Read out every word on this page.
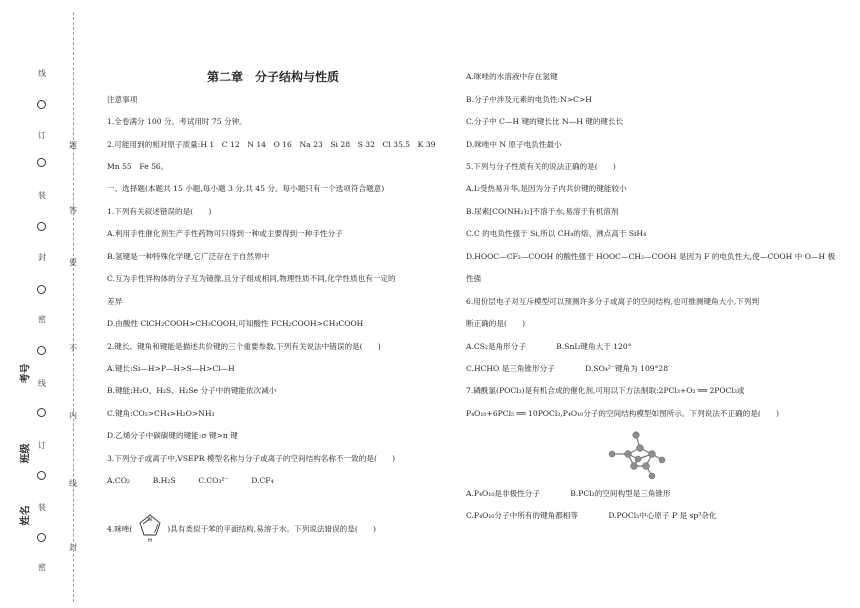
线
订
题
装
答
封
要
密
不
线
内
订
线
装
封
密
考号
班级
姓名
第二章　分子结构与性质
注意事项
1.全卷满分 100 分。考试用时 75 分钟。
2.可能用到的相对原子质量:H 1　C 12　N 14　O 16　Na 23　Si 28　S 32　Cl 35.5　K 39
Mn 55　Fe 56。
一、选择题(本题共 15 小题,每小题 3 分,共 45 分。每小题只有一个选项符合题意)
1.下列有关叙述错误的是(　　)
A.利用手性催化剂生产手性药物可只得到一种或主要得到一种手性分子
B.氢键是一种特殊化学键,它广泛存在于自然界中
C.互为手性异构体的分子互为镜像,且分子组成相同,物理性质不同,化学性质也有一定的
差异
D.由酸性 ClCH₂COOH>CH₃COOH,可知酸性 FCH₂COOH>CH₃COOH
2.键长、键角和键能是描述共价键的三个重要参数,下列有关说法中错误的是(　　)
A.键长:Si—H>P—H>S—H>Cl—H
B.键能:H₂O、H₂S、H₂Se 分子中的键能依次减小
C.键角:CO₂>CH₄>H₂O>NH₃
D.乙烯分子中碳碳键的键能:σ 键>π 键
3.下列分子或离子中,VSEPR 模型名称与分子或离子的空间结构名称不一致的是(　　)
A.CO₂　　　B.H₂S　　　C.CO₃²⁻　　　D.CF₄
4.咪唑(
N
H
)具有类似于苯的平面结构,易溶于水。下列说法错误的是(　　)
A.咪唑的水溶液中存在氢键
B.分子中涉及元素的电负性:N>C>H
C.分子中 C—H 键的键长比 N—H 键的键长长
D.咪唑中 N 原子电负性最小
5.下列与分子性质有关的说法正确的是(　　)
A.I₂受热易升华,是因为分子内共价键的键能较小
B.尿素[CO(NH₂)₂]不溶于水,易溶于有机溶剂
C.C 的电负性强于 Si,所以 CH₄的熔、沸点高于 SiH₄
D.HOOC—CF₂—COOH 的酸性强于 HOOC—CH₂—COOH 是因为 F 的电负性大,使—COOH 中 O—H 极
性强
6.用价层电子对互斥模型可以预测许多分子或离子的空间结构,也可推测键角大小,下列判
断正确的是(　　)
A.CS₂是角形分子　　　　B.SnI₂键角大于 120°
C.HCHO 是三角锥形分子　　　　D.SO₄²⁻键角为 109°28′
7.磷酰氯(POCl₃)是有机合成的催化剂,可用以下方法制取:2PCl₃+O₂ ══ 2POCl₃或
P₄O₁₀+6PCl₅ ══ 10POCl₃,P₄O₁₀分子的空间结构模型如图所示。下列说法不正确的是(　　)
A.P₄O₁₀是非极性分子　　　　B.PCl₃的空间构型是三角锥形
C.P₄O₁₀分子中所有的键角都相等　　　　D.POCl₃中心原子 P 是 sp³杂化
